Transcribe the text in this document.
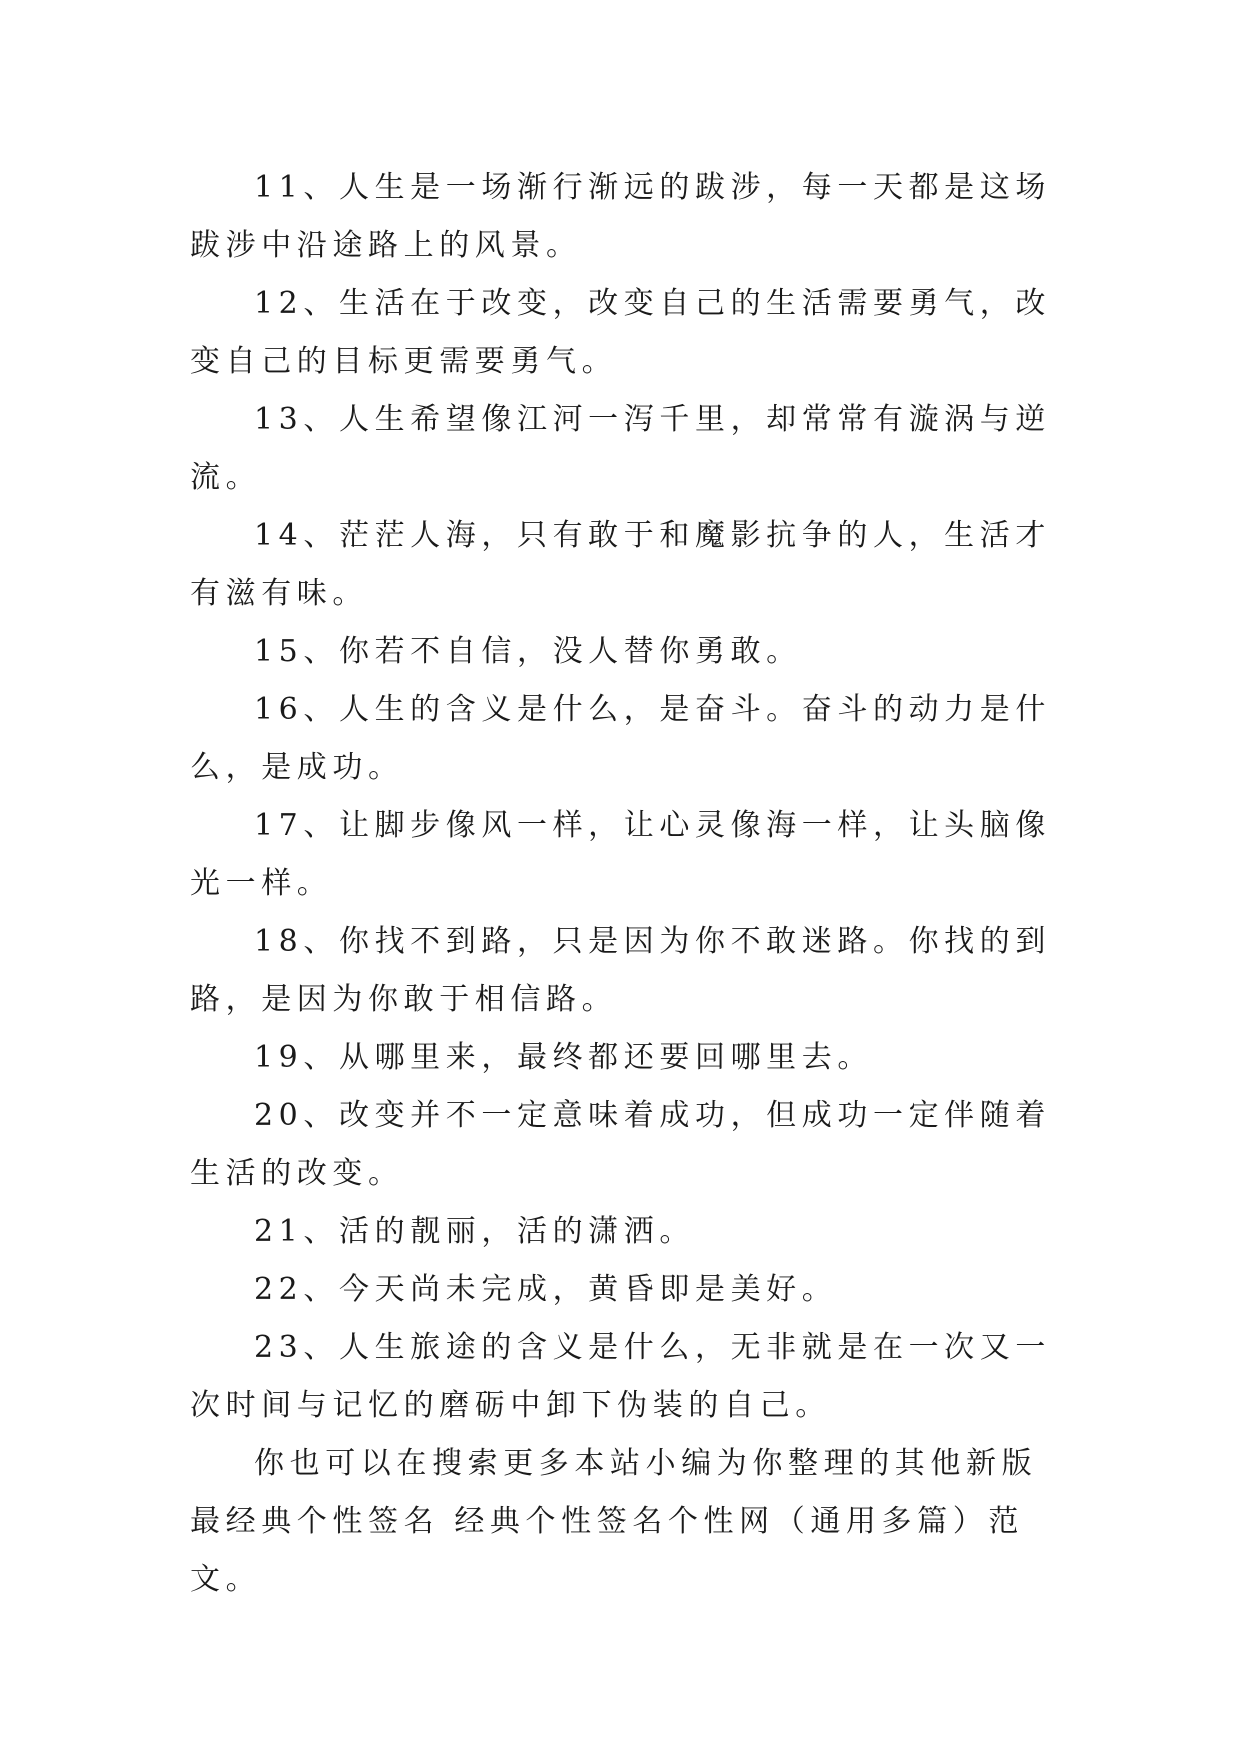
11、人生是一场渐行渐远的跋涉，每一天都是这场跋涉中沿途路上的风景。

12、生活在于改变，改变自己的生活需要勇气，改变自己的目标更需要勇气。

13、人生希望像江河一泻千里，却常常有漩涡与逆流。

14、茫茫人海，只有敢于和魔影抗争的人，生活才有滋有味。

15、你若不自信，没人替你勇敢。

16、人生的含义是什么，是奋斗。奋斗的动力是什么，是成功。

17、让脚步像风一样，让心灵像海一样，让头脑像光一样。

18、你找不到路，只是因为你不敢迷路。你找的到路，是因为你敢于相信路。

19、从哪里来，最终都还要回哪里去。

20、改变并不一定意味着成功，但成功一定伴随着生活的改变。

21、活的靓丽，活的潇洒。

22、今天尚未完成，黄昏即是美好。

23、人生旅途的含义是什么，无非就是在一次又一次时间与记忆的磨砺中卸下伪装的自己。

你也可以在搜索更多本站小编为你整理的其他新版最经典个性签名 经典个性签名个性网（通用多篇）范文。
